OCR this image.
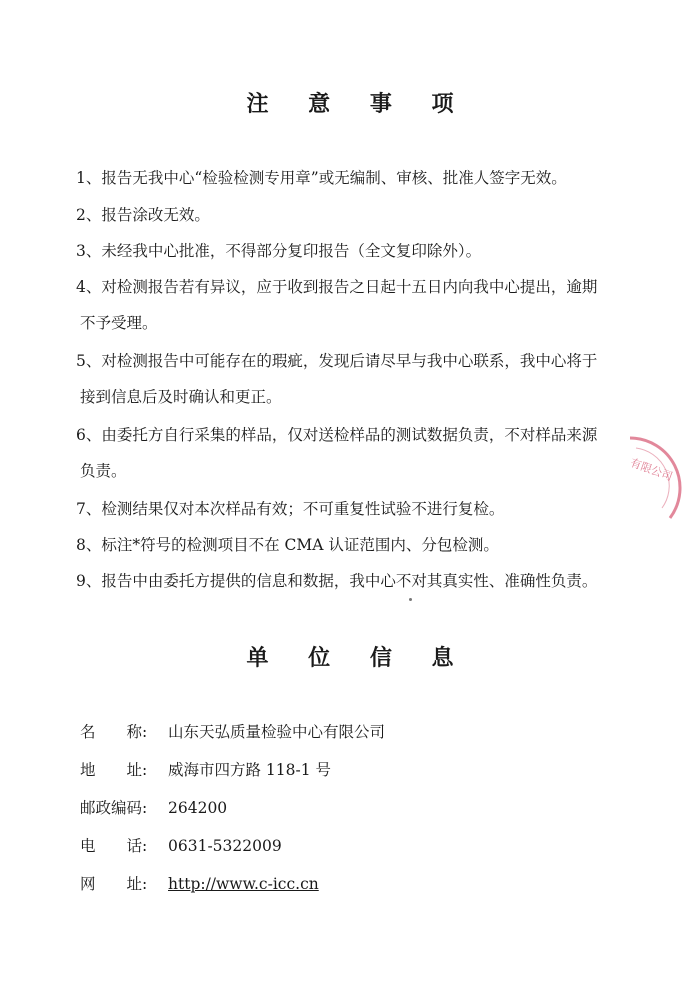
注 意 事 项

1、报告无我中心“检验检测专用章”或无编制、审核、批准人签字无效。

2、报告涂改无效。

3、未经我中心批准，不得部分复印报告（全文复印除外）。

4、对检测报告若有异议，应于收到报告之日起十五日内向我中心提出，逾期
不予受理。

5、对检测报告中可能存在的瑕疵，发现后请尽早与我中心联系，我中心将于
接到信息后及时确认和更正。

6、由委托方自行采集的样品，仅对送检样品的测试数据负责，不对样品来源
负责。

7、检测结果仅对本次样品有效；不可重复性试验不进行复检。

8、标注*符号的检测项目不在 CMA 认证范围内、分包检测。

9、报告中由委托方提供的信息和数据，我中心不对其真实性、准确性负责。

有限公司
单 位 信 息
名　　称: 山东天弘质量检验中心有限公司
地　　址: 威海市四方路 118-1 号
邮政编码: 264200
电　　话: 0631-5322009
网　　址: http://www.c-icc.cn
